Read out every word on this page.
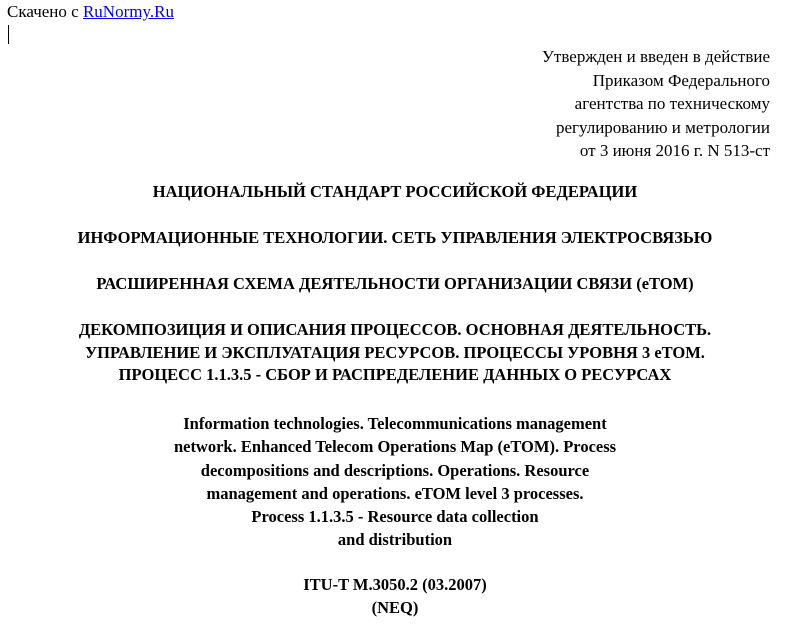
Скачено с RuNormy.Ru
Утвержден и введен в действие
Приказом Федерального
агентства по техническому
регулированию и метрологии
от 3 июня 2016 г. N 513-ст
НАЦИОНАЛЬНЫЙ СТАНДАРТ РОССИЙСКОЙ ФЕДЕРАЦИИ
ИНФОРМАЦИОННЫЕ ТЕХНОЛОГИИ. СЕТЬ УПРАВЛЕНИЯ ЭЛЕКТРОСВЯЗЬЮ
РАСШИРЕННАЯ СХЕМА ДЕЯТЕЛЬНОСТИ ОРГАНИЗАЦИИ СВЯЗИ (eTOM)
ДЕКОМПОЗИЦИЯ И ОПИСАНИЯ ПРОЦЕССОВ. ОСНОВНАЯ ДЕЯТЕЛЬНОСТЬ.
УПРАВЛЕНИЕ И ЭКСПЛУАТАЦИЯ РЕСУРСОВ. ПРОЦЕССЫ УРОВНЯ 3 eTOM.
ПРОЦЕСС 1.1.3.5 - СБОР И РАСПРЕДЕЛЕНИЕ ДАННЫХ О РЕСУРСАХ
Information technologies. Telecommunications management
network. Enhanced Telecom Operations Map (eTOM). Process
decompositions and descriptions. Operations. Resource
management and operations. eTOM level 3 processes.
Process 1.1.3.5 - Resource data collection
and distribution
ITU-T M.3050.2 (03.2007)
(NEQ)
